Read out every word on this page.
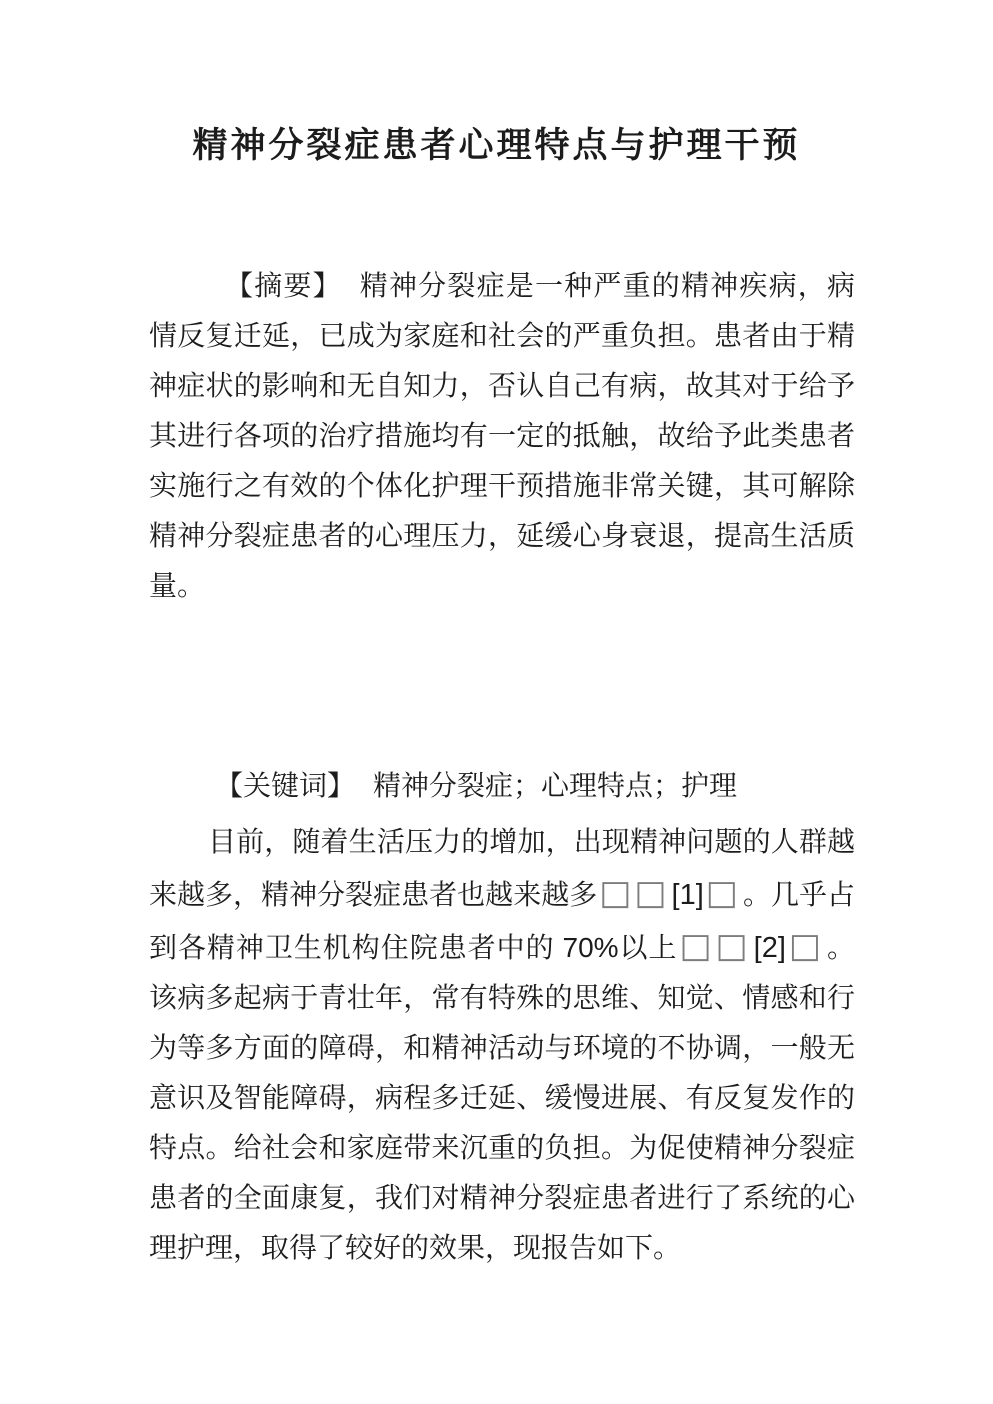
精神分裂症患者心理特点与护理干预

【摘要】 精神分裂症是一种严重的精神疾病，病情反复迁延，已成为家庭和社会的严重负担。患者由于精神症状的影响和无自知力，否认自己有病，故其对于给予其进行各项的治疗措施均有一定的抵触，故给予此类患者实施行之有效的个体化护理干预措施非常关键，其可解除精神分裂症患者的心理压力，延缓心身衰退，提高生活质量。

【关键词】 精神分裂症；心理特点；护理

目前，随着生活压力的增加，出现精神问题的人群越来越多，精神分裂症患者也越来越多□□[1]□。几乎占到各精神卫生机构住院患者中的 70%以上□□[2]□。该病多起病于青壮年，常有特殊的思维、知觉、情感和行为等多方面的障碍，和精神活动与环境的不协调，一般无意识及智能障碍，病程多迁延、缓慢进展、有反复发作的特点。给社会和家庭带来沉重的负担。为促使精神分裂症患者的全面康复，我们对精神分裂症患者进行了系统的心理护理，取得了较好的效果，现报告如下。
